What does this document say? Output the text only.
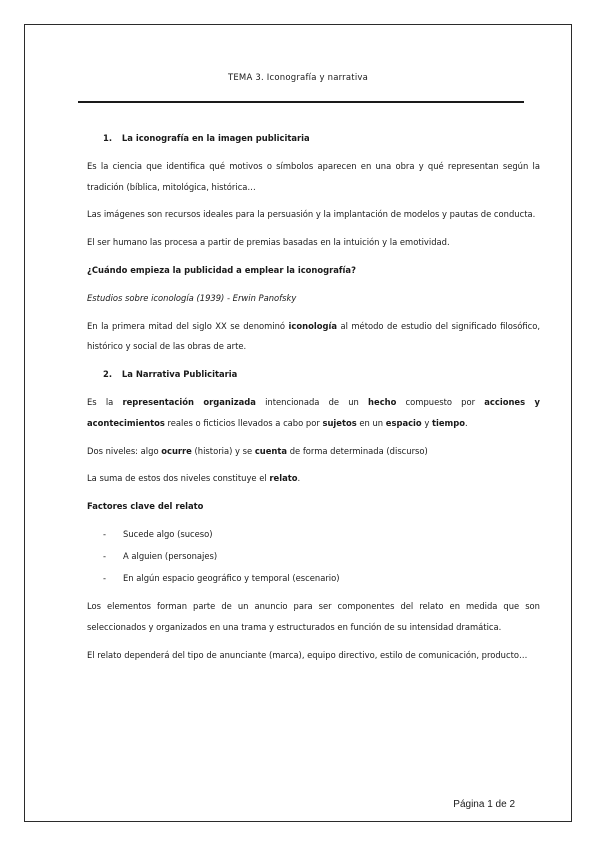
TEMA 3. Iconografía y narrativa
1. La iconografía en la imagen publicitaria

Es la ciencia que identifica qué motivos o símbolos aparecen en una obra y qué representan según la tradición (bíblica, mitológica, histórica…

Las imágenes son recursos ideales para la persuasión y la implantación de modelos y pautas de conducta.

El ser humano las procesa a partir de premias basadas en la intuición y la emotividad.

¿Cuándo empieza la publicidad a emplear la iconografía?

Estudios sobre iconología (1939) - Erwin Panofsky

En la primera mitad del siglo XX se denominó iconología al método de estudio del significado filosófico, histórico y social de las obras de arte.

2. La Narrativa Publicitaria

Es la representación organizada intencionada de un hecho compuesto por acciones y acontecimientos reales o ficticios llevados a cabo por sujetos en un espacio y tiempo.

Dos niveles: algo ocurre (historia) y se cuenta de forma determinada (discurso)

La suma de estos dos niveles constituye el relato.

Factores clave del relato

- Sucede algo (suceso)
- A alguien (personajes)
- En algún espacio geográfico y temporal (escenario)

Los elementos forman parte de un anuncio para ser componentes del relato en medida que son seleccionados y organizados en una trama y estructurados en función de su intensidad dramática.

El relato dependerá del tipo de anunciante (marca), equipo directivo, estilo de comunicación, producto…

Página 1 de 2
